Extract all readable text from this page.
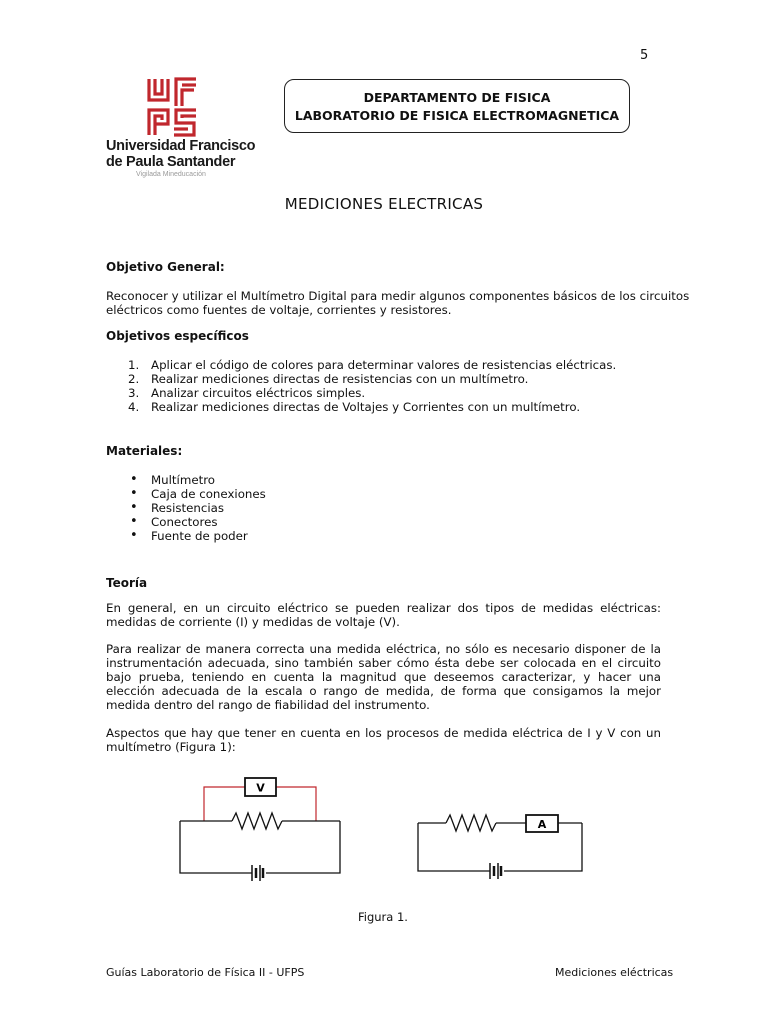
5
Universidad Francisco
de Paula Santander
Vigilada Mineducación
DEPARTAMENTO DE FISICA
LABORATORIO DE FISICA ELECTROMAGNETICA
MEDICIONES ELECTRICAS
Objetivo General:
Reconocer y utilizar el Multímetro Digital para medir algunos componentes básicos de los circuitos
eléctricos como fuentes de voltaje, corrientes y resistores.
Objetivos específicos
1. Aplicar el código de colores para determinar valores de resistencias eléctricas.
2. Realizar mediciones directas de resistencias con un multímetro.
3. Analizar circuitos eléctricos simples.
4. Realizar mediciones directas de Voltajes y Corrientes con un multímetro.
Materiales:
• Multímetro
• Caja de conexiones
• Resistencias
• Conectores
• Fuente de poder
Teoría
En general, en un circuito eléctrico se pueden realizar dos tipos de medidas eléctricas: medidas de corriente (I) y medidas de voltaje (V).
Para realizar de manera correcta una medida eléctrica, no sólo es necesario disponer de la instrumentación adecuada, sino también saber cómo ésta debe ser colocada en el circuito bajo prueba, teniendo en cuenta la magnitud que deseemos caracterizar, y hacer una elección adecuada de la escala o rango de medida, de forma que consigamos la mejor medida dentro del rango de fiabilidad del instrumento.
Aspectos que hay que tener en cuenta en los procesos de medida eléctrica de I y V con un multímetro (Figura 1):
V
A
Figura 1.
Guías Laboratorio de Física II - UFPS	Mediciones eléctricas
